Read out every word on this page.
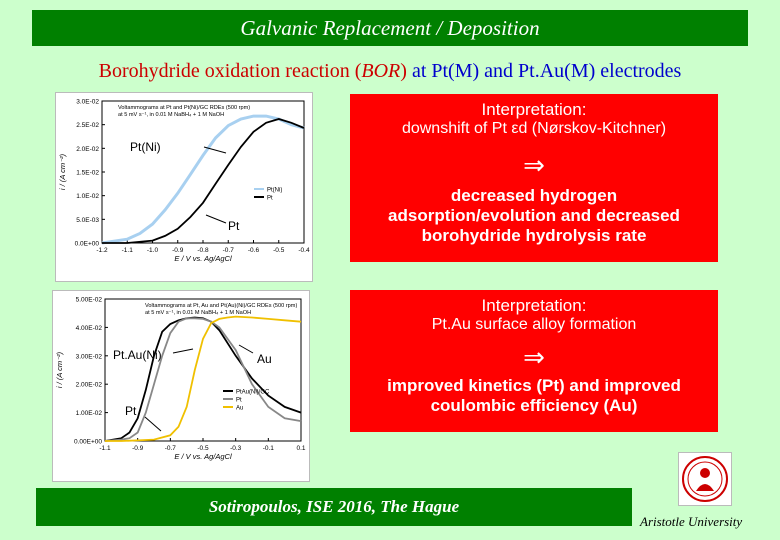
Galvanic Replacement / Deposition
Borohydride oxidation reaction (BOR) at Pt(M) and Pt.Au(M) electrodes
0.0E+00
5.0E-03
1.0E-02
1.5E-02
2.0E-02
2.5E-02
3.0E-02
-1.2 -1.1 -1.0 -0.9 -0.8 -0.7 -0.6 -0.5 -0.4
E / V vs. Ag/AgCl
i / (A cm⁻²)
Voltammograms at Pt and Pt(Ni)/GC RDEs (500 rpm)
at 5 mV s⁻¹, in 0.01 M NaBH₄ + 1 M NaOH
Pt(Ni)
Pt
Pt(Ni)
Pt
0.00E+00
1.00E-02
2.00E-02
3.00E-02
4.00E-02
5.00E-02
-1.1	-0.9	-0.7	-0.5	-0.3	-0.1	0.1
E / V vs. Ag/AgCl
i / (A cm⁻²)
Voltammograms at Pt, Au and Pt(Au)(Ni)/GC RDEs (500 rpm)
at 5 mV s⁻¹, in 0.01 M NaBH₄ + 1 M NaOH
PtAu(Ni)/GC
Pt
Au
Pt.Au(Ni)	Au
Pt
Interpretation:
downshift of Pt εd (Nørskov-Kitchner)
⇒
decreased hydrogen
adsorption/evolution and decreased
borohydride hydrolysis rate
Interpretation:
Pt.Au surface alloy formation
⇒
improved kinetics (Pt) and improved
coulombic efficiency (Au)
Sotiropoulos, ISE 2016, The Hague
Aristotle University
